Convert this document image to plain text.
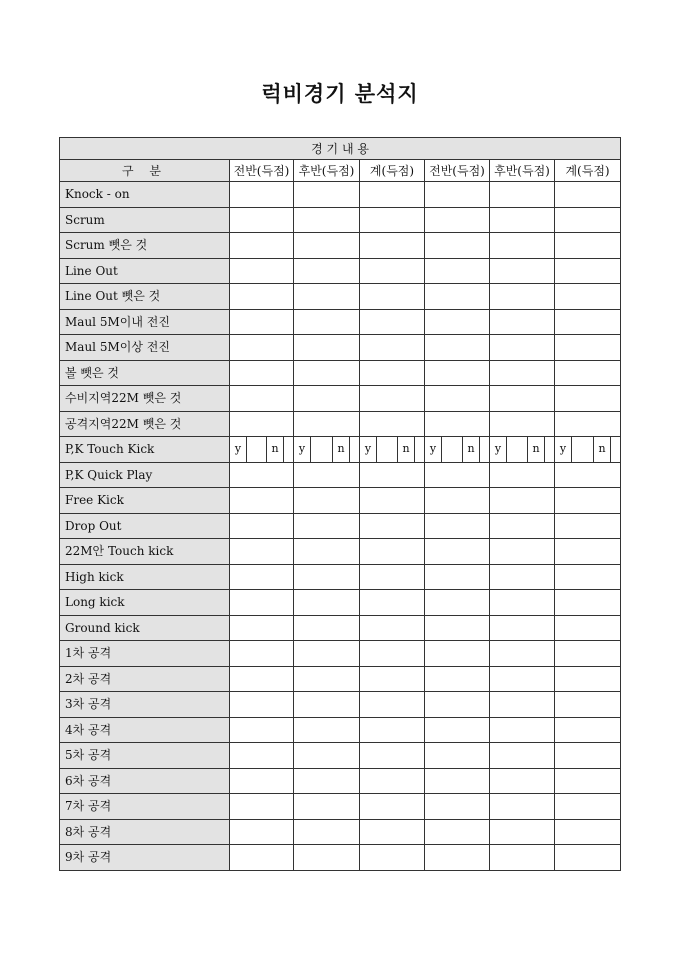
럭비경기 분석지
경 기 내 용						
구 분	전반(득점)	후반(득점)	계(득점)	전반(득점)	후반(득점)	계(득점)
Knock - on						
Scrum						
Scrum 뺏은 것						
Line Out						
Line Out 뺏은 것						
Maul 5M이내 전진						
Maul 5M이상 전진						
볼 뺏은 것						
수비지역22M 뺏은 것						
공격지역22M 뺏은 것						
P,K Touch Kick	y n	y n	y n	y n	y n	y n

P,K Quick Play						
Free Kick						
Drop Out						
22M안 Touch kick						
High kick						
Long kick						
Ground kick						
1차 공격						
2차 공격						
3차 공격						
4차 공격						
5차 공격						
6차 공격						
7차 공격						
8차 공격						
9차 공격						
